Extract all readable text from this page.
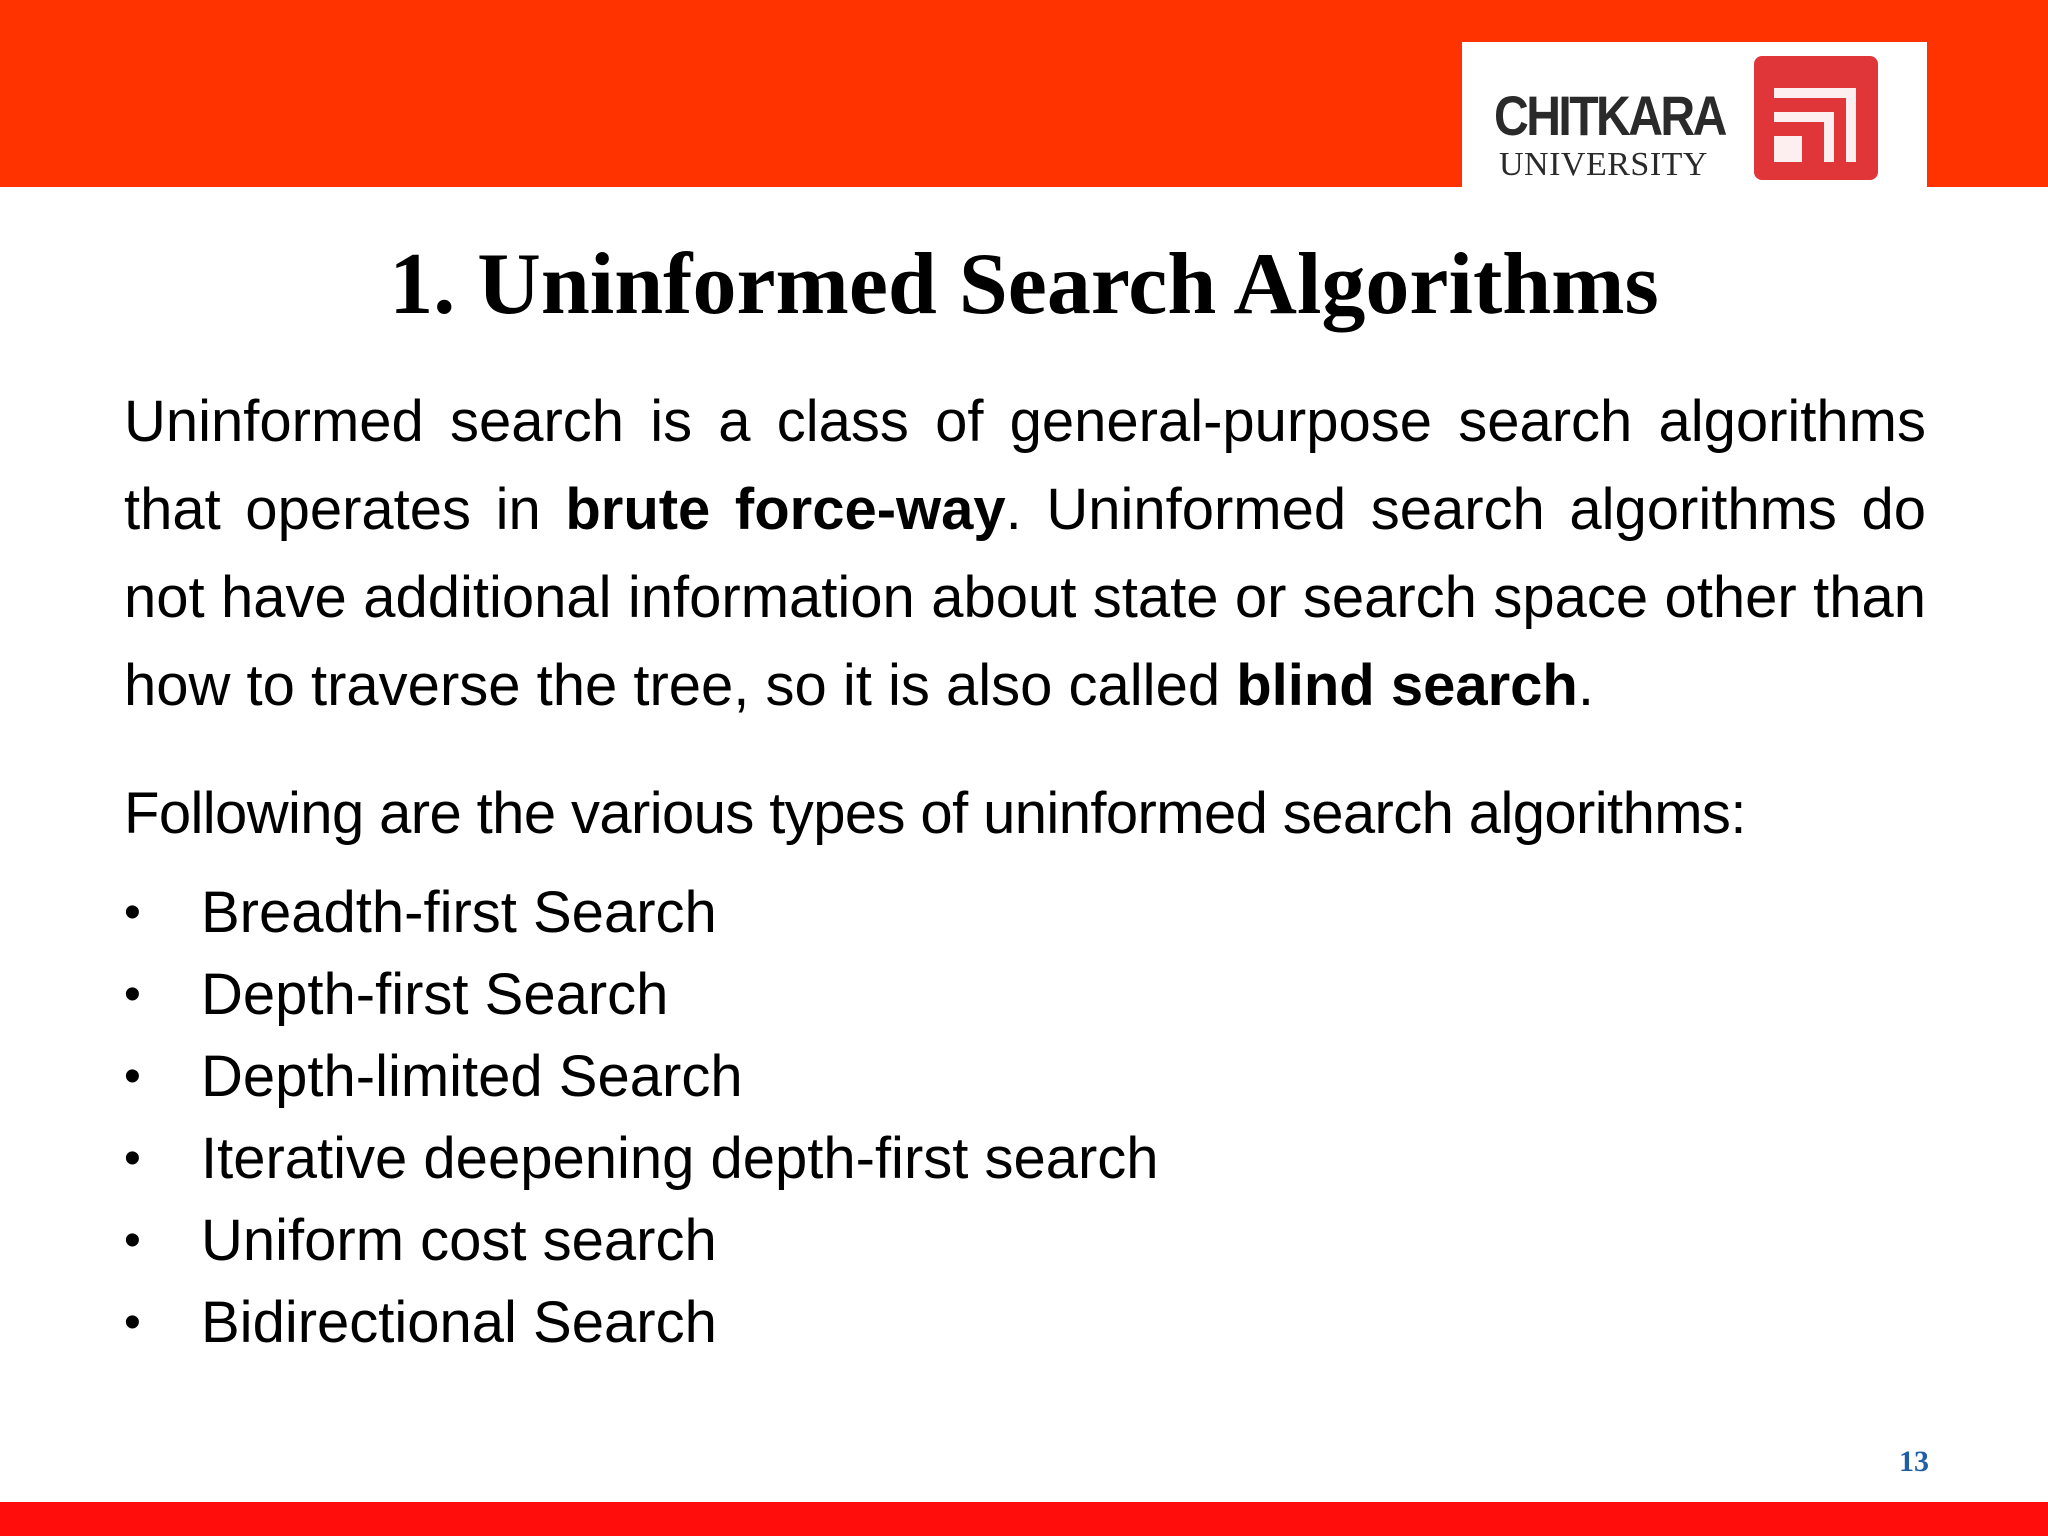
CHITKARA
UNIVERSITY
1. Uninformed Search Algorithms

Uninformed search is a class of general-purpose search algorithms that operates in brute force-way. Uninformed search algorithms do not have additional information about state or search space other than how to traverse the tree, so it is also called blind search.

Following are the various types of uninformed search algorithms:

• Breadth-first Search
• Depth-first Search
• Depth-limited Search
• Iterative deepening depth-first search
• Uniform cost search
• Bidirectional Search
13
